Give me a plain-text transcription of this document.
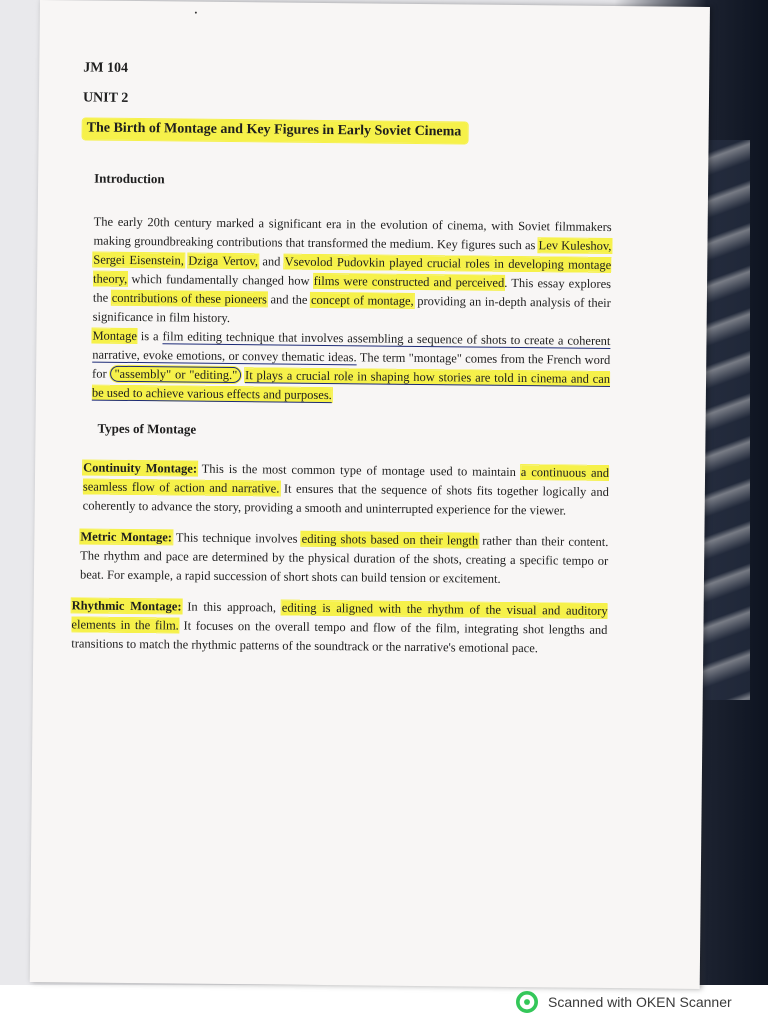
JM 104
UNIT 2
The Birth of Montage and Key Figures in Early Soviet Cinema
Introduction

The early 20th century marked a significant era in the evolution of cinema, with Soviet filmmakers making groundbreaking contributions that transformed the medium. Key figures such as Lev Kuleshov, Sergei Eisenstein, Dziga Vertov, and Vsevolod Pudovkin played crucial roles in developing montage theory, which fundamentally changed how films were constructed and perceived. This essay explores the contributions of these pioneers and the concept of montage, providing an in-depth analysis of their significance in film history.

Montage is a film editing technique that involves assembling a sequence of shots to create a coherent narrative, evoke emotions, or convey thematic ideas. The term "montage" comes from the French word for "assembly" or "editing." It plays a crucial role in shaping how stories are told in cinema and can be used to achieve various effects and purposes.

Types of Montage

Continuity Montage: This is the most common type of montage used to maintain a continuous and seamless flow of action and narrative. It ensures that the sequence of shots fits together logically and coherently to advance the story, providing a smooth and uninterrupted experience for the viewer.

Metric Montage: This technique involves editing shots based on their length rather than their content. The rhythm and pace are determined by the physical duration of the shots, creating a specific tempo or beat. For example, a rapid succession of short shots can build tension or excitement.

Rhythmic Montage: In this approach, editing is aligned with the rhythm of the visual and auditory elements in the film. It focuses on the overall tempo and flow of the film, integrating shot lengths and transitions to match the rhythmic patterns of the soundtrack or the narrative's emotional pace.

Scanned with OKEN Scanner
